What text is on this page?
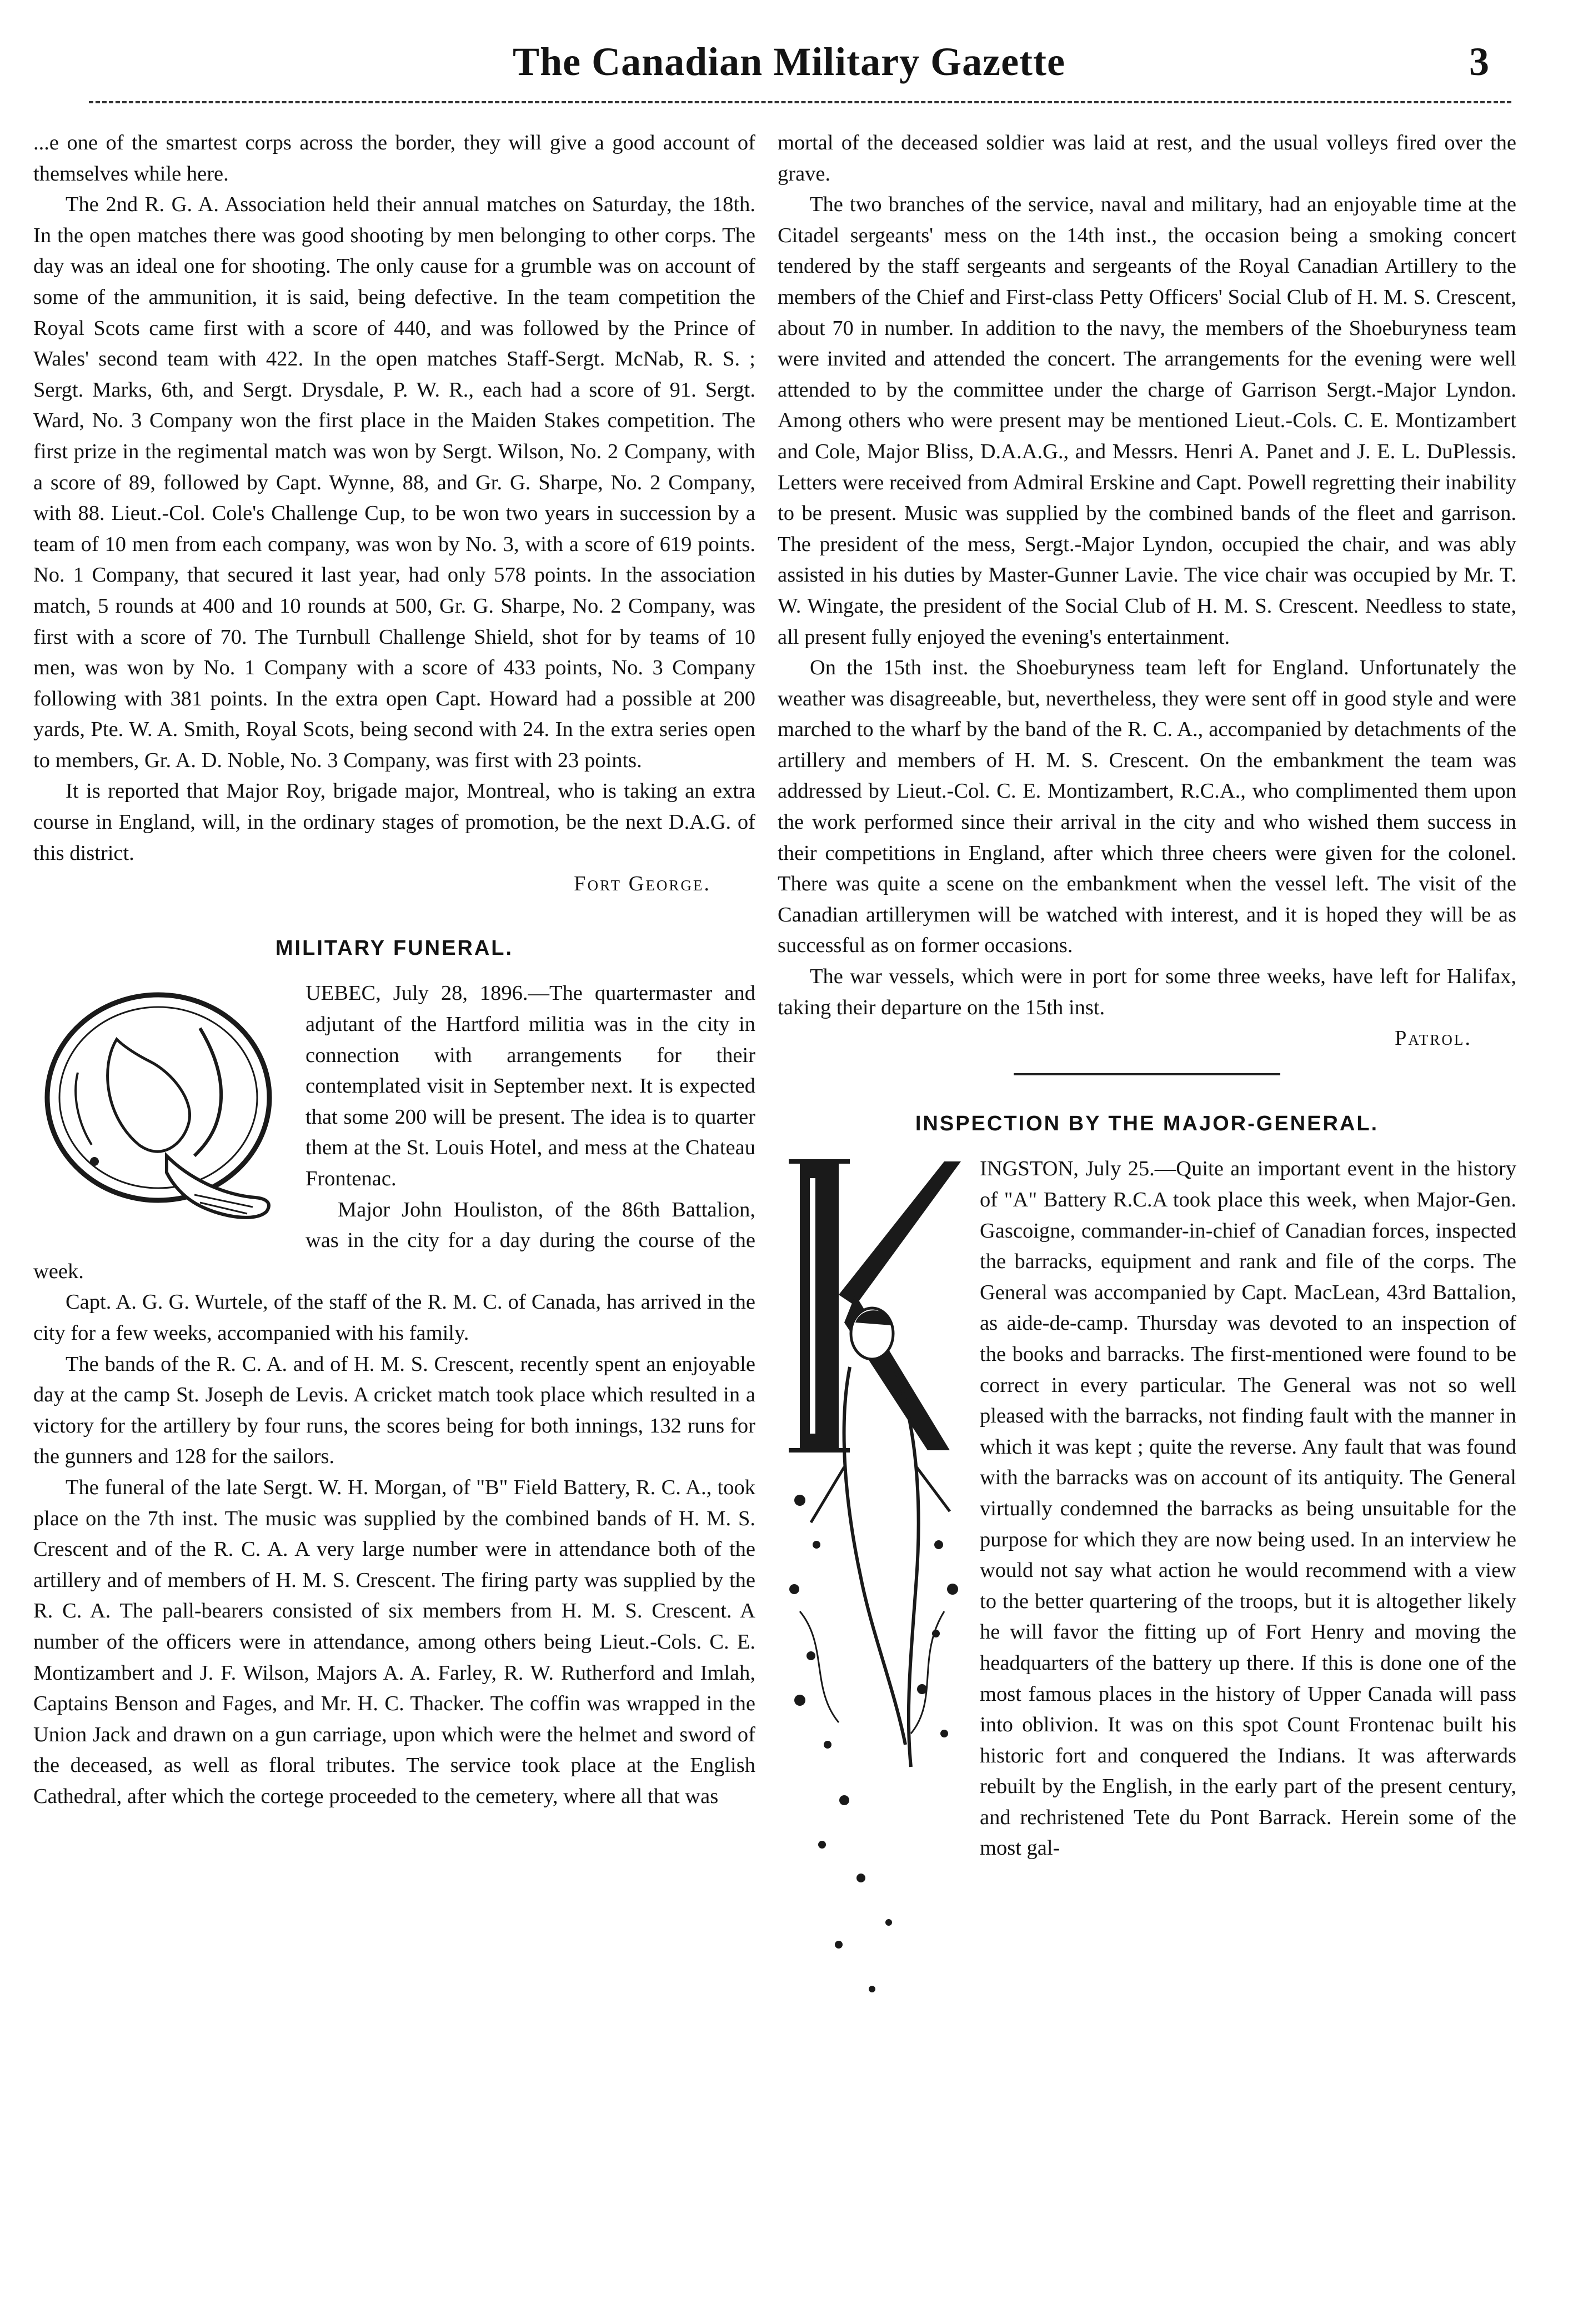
The Canadian Military Gazette	3

...e one of the smartest corps across the border, they will give a good account of themselves while here.

The 2nd R. G. A. Association held their annual matches on Saturday, the 18th. In the open matches there was good shooting by men belonging to other corps. The day was an ideal one for shooting. The only cause for a grumble was on account of some of the ammunition, it is said, being defective. In the team competition the Royal Scots came first with a score of 440, and was followed by the Prince of Wales' second team with 422. In the open matches Staff-Sergt. McNab, R. S. ; Sergt. Marks, 6th, and Sergt. Drysdale, P. W. R., each had a score of 91. Sergt. Ward, No. 3 Company won the first place in the Maiden Stakes competition. The first prize in the regimental match was won by Sergt. Wilson, No. 2 Company, with a score of 89, followed by Capt. Wynne, 88, and Gr. G. Sharpe, No. 2 Company, with 88. Lieut.-Col. Cole's Challenge Cup, to be won two years in succession by a team of 10 men from each company, was won by No. 3, with a score of 619 points. No. 1 Company, that secured it last year, had only 578 points. In the association match, 5 rounds at 400 and 10 rounds at 500, Gr. G. Sharpe, No. 2 Company, was first with a score of 70. The Turnbull Challenge Shield, shot for by teams of 10 men, was won by No. 1 Company with a score of 433 points, No. 3 Company following with 381 points. In the extra open Capt. Howard had a possible at 200 yards, Pte. W. A. Smith, Royal Scots, being second with 24. In the extra series open to members, Gr. A. D. Noble, No. 3 Company, was first with 23 points.

It is reported that Major Roy, brigade major, Montreal, who is taking an extra course in England, will, in the ordinary stages of promotion, be the next D.A.G. of this district.

Fort George.

MILITARY FUNERAL.
Q

UEBEC, July 28, 1896.—The quartermaster and adjutant of the Hartford militia was in the city in connection with arrangements for their contemplated visit in September next. It is expected that some 200 will be present. The idea is to quarter them at the St. Louis Hotel, and mess at the Chateau Frontenac.

Major John Houliston, of the 86th Battalion, was in the city for a day during the course of the week.

Capt. A. G. G. Wurtele, of the staff of the R. M. C. of Canada, has arrived in the city for a few weeks, accompanied with his family.

The bands of the R. C. A. and of H. M. S. Crescent, recently spent an enjoyable day at the camp St. Joseph de Levis. A cricket match took place which resulted in a victory for the artillery by four runs, the scores being for both innings, 132 runs for the gunners and 128 for the sailors.

The funeral of the late Sergt. W. H. Morgan, of "B" Field Battery, R. C. A., took place on the 7th inst. The music was supplied by the combined bands of H. M. S. Crescent and of the R. C. A. A very large number were in attendance both of the artillery and of members of H. M. S. Crescent. The firing party was supplied by the R. C. A. The pall-bearers consisted of six members from H. M. S. Crescent. A number of the officers were in attendance, among others being Lieut.-Cols. C. E. Montizambert and J. F. Wilson, Majors A. A. Farley, R. W. Rutherford and Imlah, Captains Benson and Fages, and Mr. H. C. Thacker. The coffin was wrapped in the Union Jack and drawn on a gun carriage, upon which were the helmet and sword of the deceased, as well as floral tributes. The service took place at the English Cathedral, after which the cortege proceeded to the cemetery, where all that was

mortal of the deceased soldier was laid at rest, and the usual volleys fired over the grave.

The two branches of the service, naval and military, had an enjoyable time at the Citadel sergeants' mess on the 14th inst., the occasion being a smoking concert tendered by the staff sergeants and sergeants of the Royal Canadian Artillery to the members of the Chief and First-class Petty Officers' Social Club of H. M. S. Crescent, about 70 in number. In addition to the navy, the members of the Shoeburyness team were invited and attended the concert. The arrangements for the evening were well attended to by the committee under the charge of Garrison Sergt.-Major Lyndon. Among others who were present may be mentioned Lieut.-Cols. C. E. Montizambert and Cole, Major Bliss, D.A.A.G., and Messrs. Henri A. Panet and J. E. L. DuPlessis. Letters were received from Admiral Erskine and Capt. Powell regretting their inability to be present. Music was supplied by the combined bands of the fleet and garrison. The president of the mess, Sergt.-Major Lyndon, occupied the chair, and was ably assisted in his duties by Master-Gunner Lavie. The vice chair was occupied by Mr. T. W. Wingate, the president of the Social Club of H. M. S. Crescent. Needless to state, all present fully enjoyed the evening's entertainment.

On the 15th inst. the Shoeburyness team left for England. Unfortunately the weather was disagreeable, but, nevertheless, they were sent off in good style and were marched to the wharf by the band of the R. C. A., accompanied by detachments of the artillery and members of H. M. S. Crescent. On the embankment the team was addressed by Lieut.-Col. C. E. Montizambert, R.C.A., who complimented them upon the work performed since their arrival in the city and who wished them success in their competitions in England, after which three cheers were given for the colonel. There was quite a scene on the embankment when the vessel left. The visit of the Canadian artillerymen will be watched with interest, and it is hoped they will be as successful as on former occasions.

The war vessels, which were in port for some three weeks, have left for Halifax, taking their departure on the 15th inst.

Patrol.

INSPECTION BY THE MAJOR-GENERAL.

INGSTON, July 25.—Quite an important event in the history of "A" Battery R.C.A took place this week, when Major-Gen. Gascoigne, commander-in-chief of Canadian forces, inspected the barracks, equipment and rank and file of the corps. The General was accompanied by Capt. MacLean, 43rd Battalion, as aide-de-camp. Thursday was devoted to an inspection of the books and barracks. The first-mentioned were found to be correct in every particular. The General was not so well pleased with the barracks, not finding fault with the manner in which it was kept ; quite the reverse. Any fault that was found with the barracks was on account of its antiquity. The General virtually condemned the barracks as being unsuitable for the purpose for which they are now being used. In an interview he would not say what action he would recommend with a view to the better quartering of the troops, but it is altogether likely he will favor the fitting up of Fort Henry and moving the headquarters of the battery up there. If this is done one of the most famous places in the history of Upper Canada will pass into oblivion. It was on this spot Count Frontenac built his historic fort and conquered the Indians. It was afterwards rebuilt by the English, in the early part of the present century, and rechristened Tete du Pont Barrack. Herein some of the most gal-
